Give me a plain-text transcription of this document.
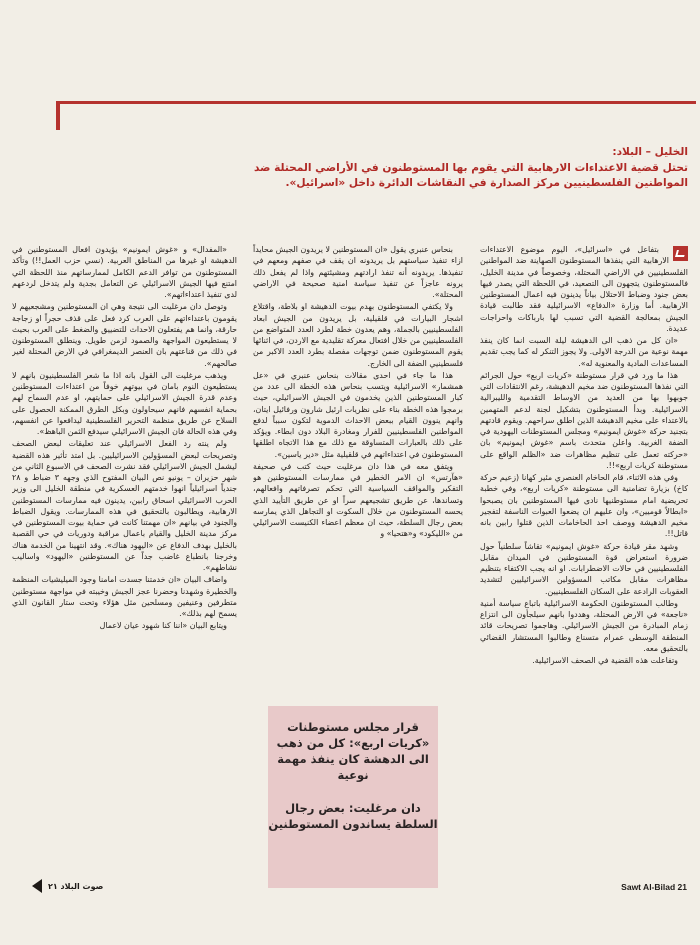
الخليل – البلاد:
تحتل قضية الاعتداءات الارهابية التي يقوم بها المستوطنون في الأراضي المحتلة ضد المواطنين الفلسطينيين مركز الصدارة في النقاشات الدائرة داخل «اسرائيل».

بتفاعل في «اسرائيل»، اليوم موضوع الاعتداءات الارهابية التي ينفذها المستوطنون الصهاينة ضد المواطنين الفلسطينيين في الاراضي المحتلة، وخصوصاً في مدينة الخليل، فالمستوطنون يتجهون الى التصعيد، في اللحظة التي يصدر فيها بعض جنود وضباط الاحتلال بياناً يدينون فيه اعمال المستوطنين الارهابية. أما وزارة «الدفاع» الاسرائيلية فقد طالبت قيادة الجيش بمعالجة القضية التي تسبب لها بارباكات واحراجات عديدة.

«ان كل من ذهب الى الدهيشة ليلة السبت انما كان ينفذ مهمة نوعية من الدرجة الاولى. ولا يجوز التنكر له كما يجب تقديم المساعدات المادية والمعنوية له».

هذا ما ورد في قرار مستوطنة «كريات اربع» حول الجرائم التي نفذها المستوطنون ضد مخيم الدهيشة، رغم الانتقادات التي جوبهوا بها من العديد من الاوساط التقدمية والليبرالية الاسرائيلية. وبدأ المستوطنون بتشكيل لجنة لدعم المتهمين بالاعتداء على مخيم الدهيشة الذين اطلق سراحهم. ويقوم قادتهم بتجنيد حركة «غوش ايمونيم» ومجلس المستوطنات اليهودية في الضفة الغربية. واعلن متحدث باسم «غوش ايمونيم» بان «حركته تعمل على تنظيم مظاهرات ضد «الظلم الواقع على مستوطنة كريات اربع»!!.

وفي هذه الاثناء، قام الحاخام العنصري مئير كهانا (زعيم حركة كاخ) بزيارة تضامنية الى مستوطنة «كريات اربع»، وفي خطبة تحريضية امام مستوطنيها نادى فيها المستوطنين بان يصبحوا «ابطالاً قوميين»، وان عليهم ان يضعوا العبوات الناسفة لتفجير مخيم الدهيشة ووصف احد الحاخامات الذين قتلوا رابين بانه قاتل!!.

وشهد مقر قيادة حركة «غوش ايمونيم» تقاشاً سلطنياً حول ضرورة استعراض قوة المستوطنين في الميدان مقابل الفلسطينيين في حالات الاضطرابات. او انه يجب الاكتفاء بتنظيم مظاهرات مقابل مكاتب المسؤولين الاسرائيليين لتشديد العقوبات الرادعة على السكان الفلسطينيين.

وطالب المستوطنون الحكومة الاسرائيلية باتباع سياسة أمنية «ناجعة» في الارض المحتلة، وهددوا بانهم سيلجأون الى انتزاع زمام المبادرة من الجيش الاسرائيلي. وهاجموا تصريحات قائد المنطقة الوسطى عمرام متسناع وطالبوا المستشار القضائي بالتحقيق معه.

وتفاعلت هذه القضية في الصحف الاسرائيلية.

بنحاس عنبري يقول «ان المستوطنين لا يريدون الجيش محايداً ازاء تنفيذ سياستهم بل يريدونه ان يقف في صفهم ومعهم في تنفيذها. يريدونه أنه تنفذ ارادتهم ومشيئتهم واذا لم يفعل ذلك يرونه عاجزاً عن تنفيذ سياسة امنية صحيحة في الاراضي المحتلة».

ولا يكتفي المستوطنون بهدم بيوت الدهيشة او بلاطة، واقتلاع اشجار البيارات في قلقيلية، بل يريدون من الجيش ابعاد الفلسطينيين بالجملة، وهم يعدون خطة لطرد العدد المتواضع من الفلسطينيين من خلال افتعال معركة تقليدية مع الاردن، في اثنائها يقوم المستوطنون ضمن توجهات مفصلة بطرد العدد الاكبر من فلسطينيي الضفة الى الخارج.

هذا ما جاء في احدى مقالات بنحاس عنبري في «عل همشمار» الاسرائيلية ويتسب بنحاس هذه الخطة الى عدد من كبار المستوطنين الذين يخدمون في الجيش الاسرائيلي، حيث برمجوا هذه الخطة بناء على نظريات ارئيل شارون ورفائيل ايتان، وانهم ينوون القيام ببعض الاحداث الدموية لتكون سبباً لدفع المواطنين الفلسطينيين للفرار ومغادرة البلاد دون ابطاء. ويؤكد على ذلك بالعبارات المتساوقة مع ذلك مع هذا الاتجاه اطلقها المستوطنون في اعتداءاتهم في قلقيلية مثل «دير ياسين».

ويتفق معه في هذا دان مرغليت حيث كتب في صحيفة «هآرتس» ان الامر الخطير في ممارسات المستوطنين هو التفكير والمواقف السياسية التي تحكم تصرفاتهم وافعالهم، وتساندها، عن طريق تشجيعهم سراً او عن طريق التأييد الذي يحسه المستوطنون من خلال السكوت او التجاهل الذي يمارسه بعض رجال السلطة، حيث ان معظم اعضاء الكنيست الاسرائيلي من «الليكود» و«هتحيا» و

«المفدال» و «غوش ايمونيم» يؤيدون افعال المستوطنين في الدهيشة او غيرها من المناطق العربية. (نسي حزب العمل!!) وتأكد المستوطنون من توافر الدعم الكامل لممارساتهم منذ اللحظة التي امتنع فيها الجيش الاسرائيلي عن التعامل بجدية ولم يتدخل لردعهم لدى تنفيذ اعتداءاتهم».

وتوصل دان مرغليت الى نتيجة وهي ان المستوطنين ومشجعيهم لا يقومون باعتداءاتهم على العرب كرد فعل على قذف حجراً او زجاجة حارقة، وانما هم يفتعلون الاحداث للتضييق والضغط على العرب بحيث لا يستطيعون المواجهة والصمود لزمن طويل. وينطلق المستوطنون في ذلك من قناعتهم بان العنصر الديمغرافي في الارض المحتلة لغير صالحهم».

ويذهب مرغليت الى القول بانه اذا ما شعر الفلسطينيون بانهم لا يستطيعون النوم بامان في بيوتهم خوفاً من اعتداءات المستوطنين وعدم قدرة الجيش الاسرائيلي على حمايتهم، او عدم السماح لهم بحماية انفسهم فانهم سيحاولون وبكل الطرق الممكنة الحصول على السلاح عن طريق منظمة التحرير الفلسطينية ليدافعوا عن انفسهم، وفي هذه الحالة فان الجيش الاسرائيلي سيدفع الثمن الباهظ».

ولم ينته رد الفعل الاسرائيلي عند تعليقات لبعض الصحف وتصريحات لبعض المسؤولين الاسرائيليين. بل امتد تأثير هذه القضية ليشمل الجيش الاسرائيلي فقد نشرت الصحف في الاسبوع الثاني من شهر حزيران – يونيو نص البيان المفتوح الذي وجهه ٣ ضباط و ٢٨ جندياً اسرائيلياً انهوا خدمتهم العسكرية في منطقة الخليل الى وزير الحرب الاسرائيلي اسحاق رابين، يدينون فيه ممارسات المستوطنين الارهابية، ويطالبون بالتحقيق في هذه الممارسات. ويقول الضباط والجنود في بيانهم «ان مهمتنا كانت في حماية بيوت المستوطنين في مركز مدينة الخليل والقيام باعمال مراقبة ودوريات في حي القصبة بالخليل بهدف الدفاع عن «اليهود هناك». وقد انتهينا من الخدمة هناك وخرجنا بانطباع غاضب جداً عن المستوطنين «اليهود» واساليب نشاطهم».

واضاف البيان «ان خدمتنا جسدت امامنا وجود الميليشيات المنظمة والخطيرة وشهدنا وحضرنا عجز الجيش وخيبته في مواجهة مستوطنين متطرفين وعنيفين ومسلحين مثل هؤلاء وتحت ستار القانون الذي يسمح لهم بذلك».

ويتابع البيان «اننا كنا شهود عيان لاعمال

قرار مجلس مستوطنات «كريات اربع»: كل من ذهب الى الدهشة كان ينفذ مهمة نوعية
دان مرغليت: بعض رجال السلطة يساندون المستوطنين
صوت البلاد ٢١	Sawt Al-Bilad 21
